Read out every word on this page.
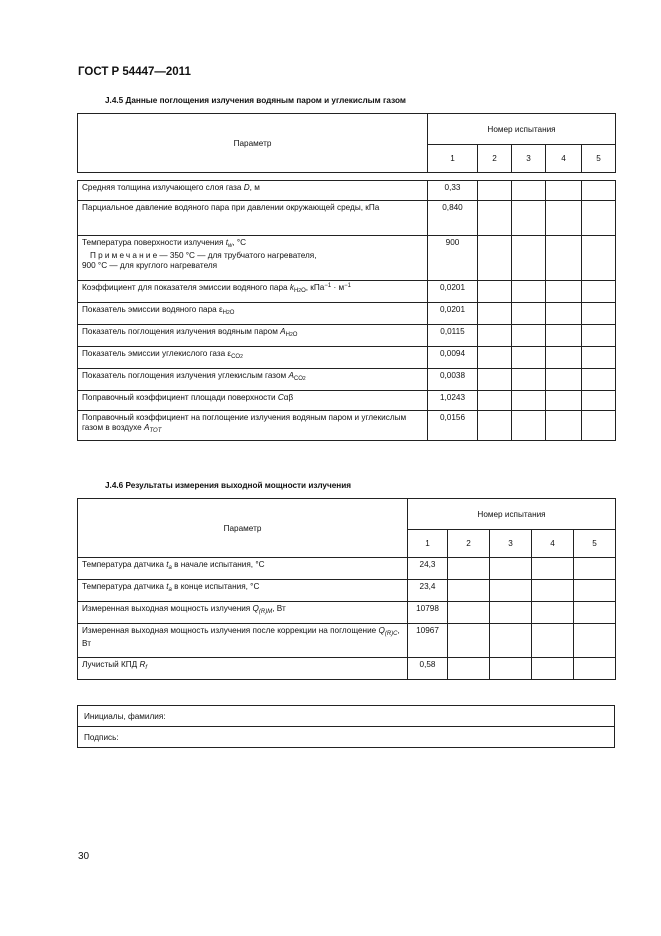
ГОСТ Р 54447—2011
J.4.5 Данные поглощения излучения водяным паром и углекислым газом
Параметр	Номер испытания				
	1	2	3	4	5

Средняя толщина излучающего слоя газа D, м	0,33				
Парциальное давление водяного пара при давлении окружающей среды, кПа	0,840				
Температура поверхности излучения $t_w$, °С
Примечание— 350 °С — для трубчатого нагревателя,
900 °С — для круглого нагревателя	900				
Коэффициент для показателя эмиссии водяного пара $k_{H2O}$, $кПа^{-1} \cdot м^{-1}$	0,0201				
Показатель эмиссии водяного пара $\varepsilon_{H2O}$	0,0201				
Показатель поглощения излучения водяным паром $A_{H2O}$	0,0115				
Показатель эмиссии углекислого газа $\varepsilon_{CO2}$	0,0094				
Показатель поглощения излучения углекислым газом $A_{CO2}$	0,0038				
Поправочный коэффициент площади поверхности Cαβ	1,0243				
Поправочный коэффициент на поглощение излучения водяным паром и углекислым газом в воздухе $A_{TOT}$	0,0156				
J.4.6 Результаты измерения выходной мощности излучения
Параметр	Номер испытания				
	1	2	3	4	5
Температура датчика $t_a$ в начале испытания, °С	24,3				
Температура датчика $t_a$ в конце испытания, °С	23,4				
Измеренная выходная мощность излучения $Q_{(R)M}$, Вт	10798				
Измеренная выходная мощность излучения после коррекции на поглощение $Q_{(R)C}$, Вт	10967				
Лучистый КПД $R_f$	0,58				
Инициалы, фамилия:
Подпись:
30
